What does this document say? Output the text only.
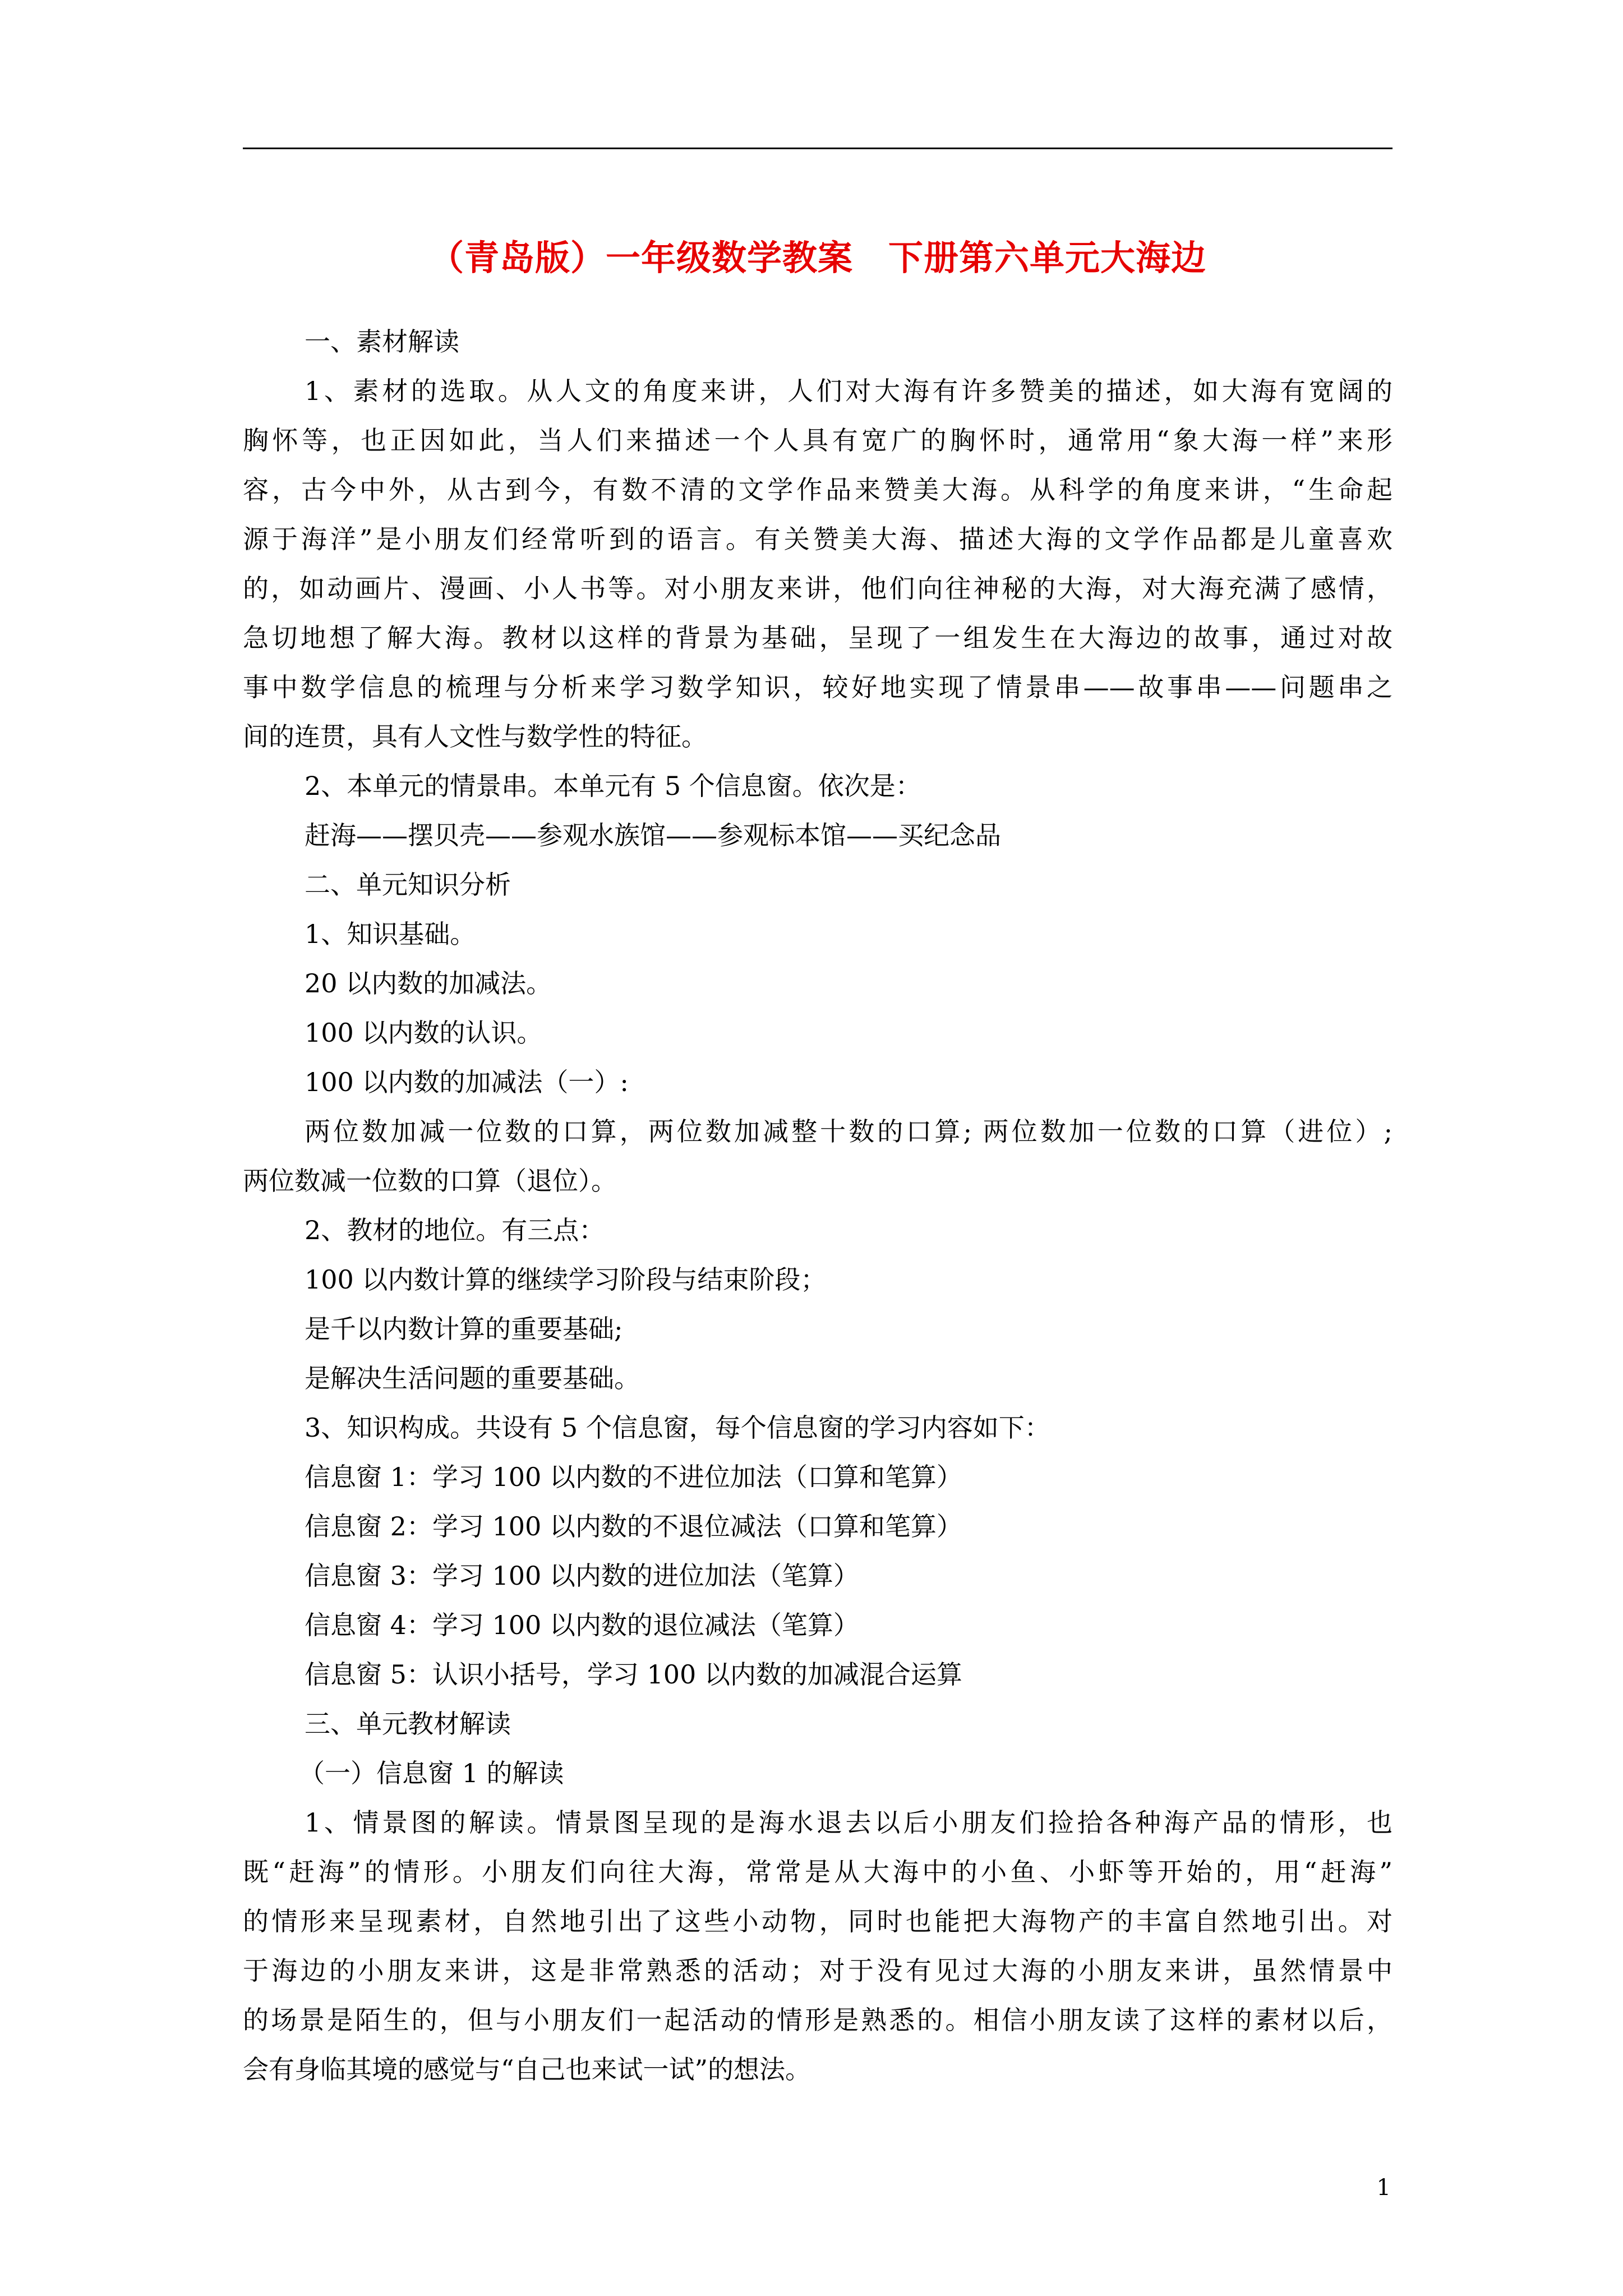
（青岛版）一年级数学教案　下册第六单元大海边
一、素材解读
1、素材的选取。从人文的角度来讲，人们对大海有许多赞美的描述，如大海有宽阔的
胸怀等，也正因如此，当人们来描述一个人具有宽广的胸怀时，通常用“象大海一样”来形
容，古今中外，从古到今，有数不清的文学作品来赞美大海。从科学的角度来讲，“生命起
源于海洋”是小朋友们经常听到的语言。有关赞美大海、描述大海的文学作品都是儿童喜欢
的，如动画片、漫画、小人书等。对小朋友来讲，他们向往神秘的大海，对大海充满了感情，
急切地想了解大海。教材以这样的背景为基础，呈现了一组发生在大海边的故事，通过对故
事中数学信息的梳理与分析来学习数学知识，较好地实现了情景串——故事串——问题串之
间的连贯，具有人文性与数学性的特征。
2、本单元的情景串。本单元有 5 个信息窗。依次是：
赶海——摆贝壳——参观水族馆——参观标本馆——买纪念品
二、单元知识分析
1、知识基础。
20 以内数的加减法。
100 以内数的认识。
100 以内数的加减法（一）:
两位数加减一位数的口算，两位数加减整十数的口算; 两位数加一位数的口算（进位）;
两位数减一位数的口算（退位）。
2、教材的地位。有三点：
100 以内数计算的继续学习阶段与结束阶段；
是千以内数计算的重要基础;
是解决生活问题的重要基础。
3、知识构成。共设有 5 个信息窗，每个信息窗的学习内容如下：
信息窗 1：学习 100 以内数的不进位加法（口算和笔算）
信息窗 2：学习 100 以内数的不退位减法（口算和笔算）
信息窗 3：学习 100 以内数的进位加法（笔算）
信息窗 4：学习 100 以内数的退位减法（笔算）
信息窗 5：认识小括号，学习 100 以内数的加减混合运算
三、单元教材解读
（一）信息窗 1 的解读
1、情景图的解读。情景图呈现的是海水退去以后小朋友们捡拾各种海产品的情形，也
既“赶海”的情形。小朋友们向往大海，常常是从大海中的小鱼、小虾等开始的，用“赶海”
的情形来呈现素材，自然地引出了这些小动物，同时也能把大海物产的丰富自然地引出。对
于海边的小朋友来讲，这是非常熟悉的活动；对于没有见过大海的小朋友来讲，虽然情景中
的场景是陌生的，但与小朋友们一起活动的情形是熟悉的。相信小朋友读了这样的素材以后，
会有身临其境的感觉与“自己也来试一试”的想法。
1
